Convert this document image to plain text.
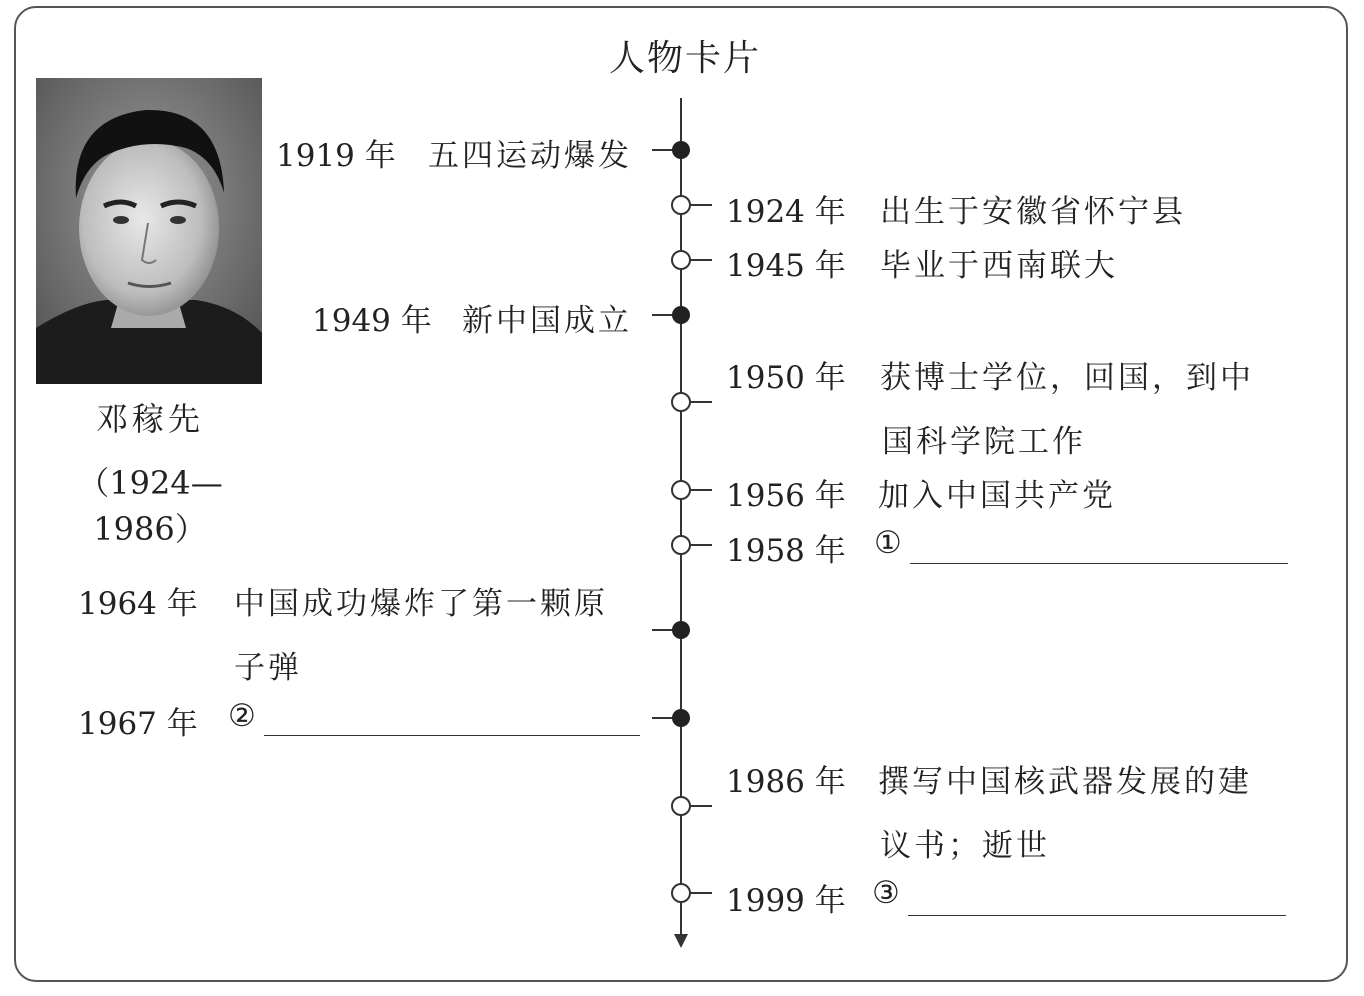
人物卡片
邓稼先
（1924—1986）
1919 年 五四运动爆发
1924 年 出生于安徽省怀宁县
1945 年 毕业于西南联大
1949 年 新中国成立
1950 年 获博士学位，回国，到中
国科学院工作
1956 年 加入中国共产党
1958 年 ①
1964 年 中国成功爆炸了第一颗原
子弹
1967 年 ②
1986 年 撰写中国核武器发展的建
议书；逝世
1999 年 ③
